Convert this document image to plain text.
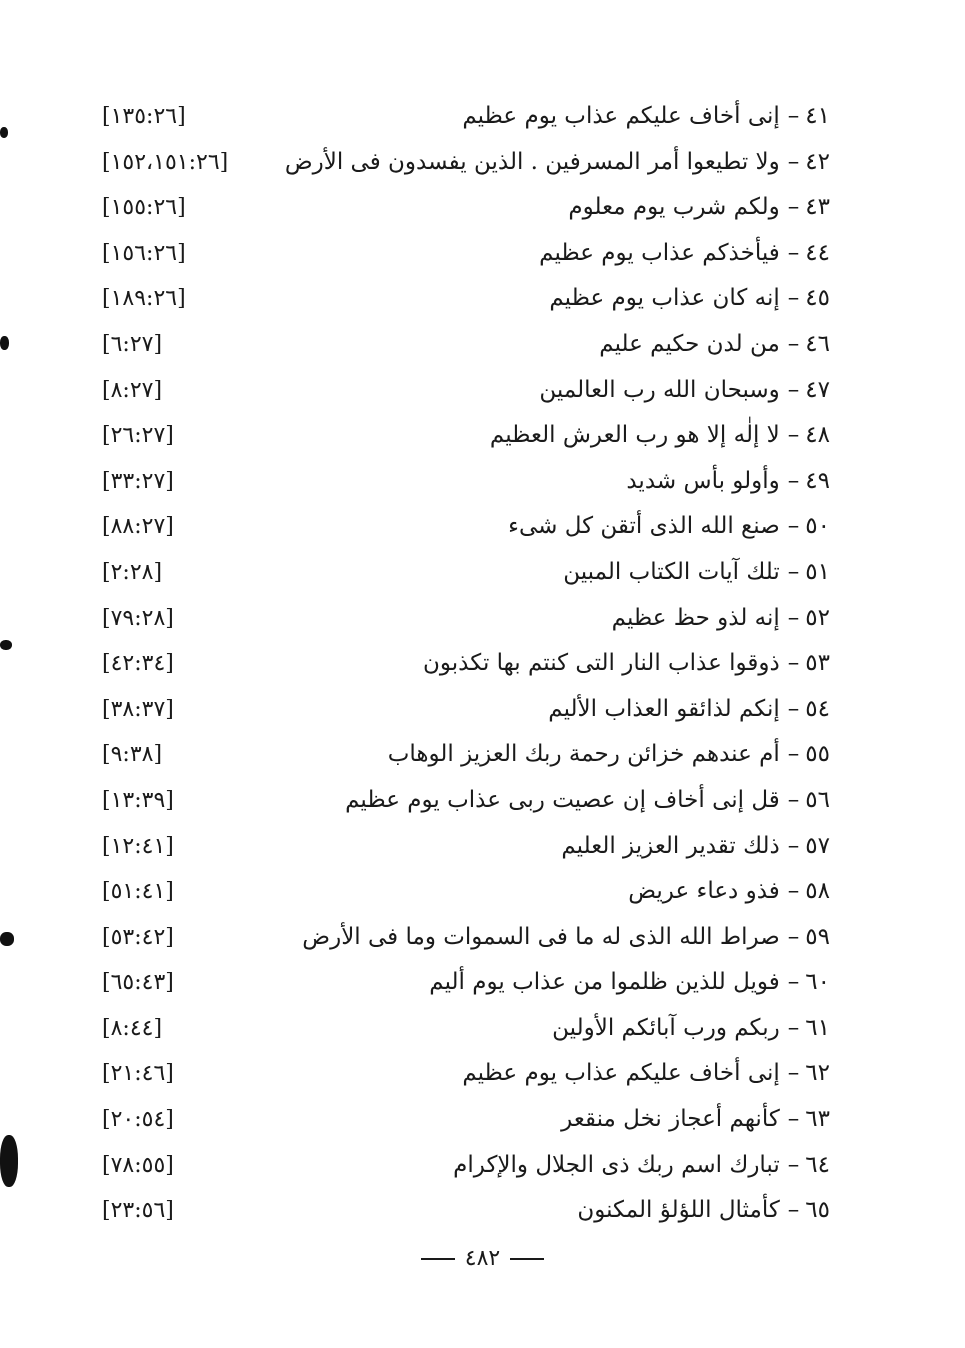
٤١–إنى أخاف عليكم عذاب يوم عظيم
[١٣٥:٢٦]
٤٢–ولا تطيعوا أمر المسرفين . الذين يفسدون فى الأرض
[١٥٢،١٥١:٢٦]
٤٣–ولكم شرب يوم معلوم
[١٥٥:٢٦]
٤٤–فيأخذكم عذاب يوم عظيم
[١٥٦:٢٦]
٤٥–إنه كان عذاب يوم عظيم
[١٨٩:٢٦]
٤٦–من لدن حكيم عليم
[٦:٢٧]
٤٧–وسبحان الله رب العالمين
[٨:٢٧]
٤٨–لا إلٰه إلا هو رب العرش العظيم
[٢٦:٢٧]
٤٩–وأولو بأس شديد
[٣٣:٢٧]
٥٠–صنع الله الذى أتقن كل شىء
[٨٨:٢٧]
٥١–تلك آيات الكتاب المبين
[٢:٢٨]
٥٢–إنه لذو حظ عظيم
[٧٩:٢٨]
٥٣–ذوقوا عذاب النار التى كنتم بها تكذبون
[٤٢:٣٤]
٥٤–إنكم لذائقو العذاب الأليم
[٣٨:٣٧]
٥٥–أم عندهم خزائن رحمة ربك العزيز الوهاب
[٩:٣٨]
٥٦–قل إنى أخاف إن عصيت ربى عذاب يوم عظيم
[١٣:٣٩]
٥٧–ذلك تقدير العزيز العليم
[١٢:٤١]
٥٨–فذو دعاء عريض
[٥١:٤١]
٥٩–صراط الله الذى له ما فى السموات وما فى الأرض
[٥٣:٤٢]
٦٠–فويل للذين ظلموا من عذاب يوم أليم
[٦٥:٤٣]
٦١–ربكم ورب آبائكم الأولين
[٨:٤٤]
٦٢–إنى أخاف عليكم عذاب يوم عظيم
[٢١:٤٦]
٦٣–كأنهم أعجاز نخل منقعر
[٢٠:٥٤]
٦٤–تبارك اسم ربك ذى الجلال والإكرام
[٧٨:٥٥]
٦٥–كأمثال اللؤلؤ المكنون
[٢٣:٥٦]
٤٨٢
